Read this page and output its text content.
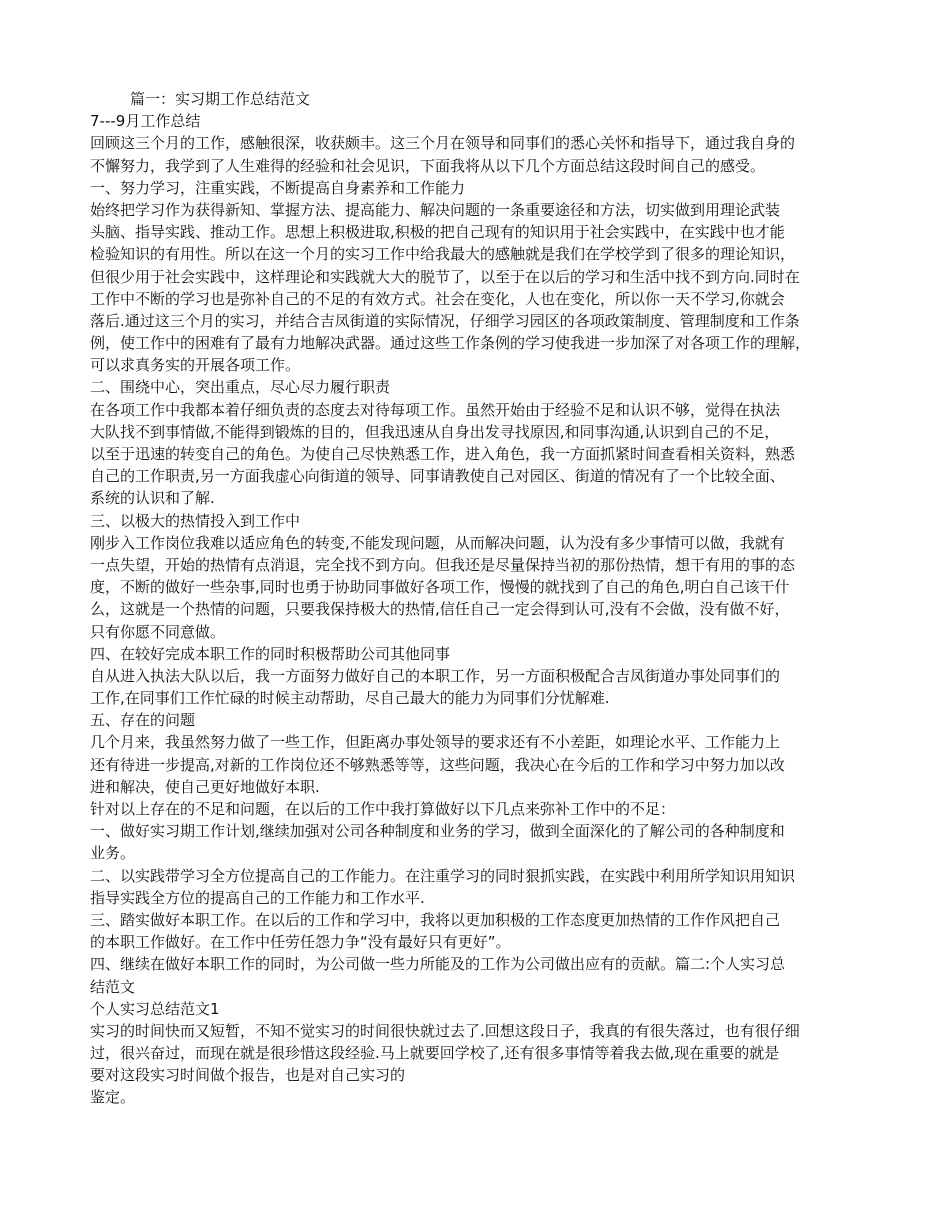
篇一：实习期工作总结范文
7---9月工作总结
回顾这三个月的工作，感触很深，收获颇丰。这三个月在领导和同事们的悉心关怀和指导下，通过我自身的
不懈努力，我学到了人生难得的经验和社会见识，下面我将从以下几个方面总结这段时间自己的感受。
一、努力学习，注重实践，不断提高自身素养和工作能力
始终把学习作为获得新知、掌握方法、提高能力、解决问题的一条重要途径和方法，切实做到用理论武装
头脑、指导实践、推动工作。思想上积极进取,积极的把自己现有的知识用于社会实践中，在实践中也才能
检验知识的有用性。所以在这一个月的实习工作中给我最大的感触就是我们在学校学到了很多的理论知识，
但很少用于社会实践中，这样理论和实践就大大的脱节了，以至于在以后的学习和生活中找不到方向.同时在
工作中不断的学习也是弥补自己的不足的有效方式。社会在变化，人也在变化，所以你一天不学习,你就会
落后.通过这三个月的实习，并结合吉凤街道的实际情况，仔细学习园区的各项政策制度、管理制度和工作条
例，使工作中的困难有了最有力地解决武器。通过这些工作条例的学习使我进一步加深了对各项工作的理解，
可以求真务实的开展各项工作。
二、围绕中心，突出重点，尽心尽力履行职责
在各项工作中我都本着仔细负责的态度去对待每项工作。虽然开始由于经验不足和认识不够，觉得在执法
大队找不到事情做,不能得到锻炼的目的，但我迅速从自身出发寻找原因,和同事沟通,认识到自己的不足，
以至于迅速的转变自己的角色。为使自己尽快熟悉工作，进入角色，我一方面抓紧时间查看相关资料，熟悉
自己的工作职责,另一方面我虚心向街道的领导、同事请教使自己对园区、街道的情况有了一个比较全面、
系统的认识和了解.
三、以极大的热情投入到工作中
刚步入工作岗位我难以适应角色的转变,不能发现问题，从而解决问题，认为没有多少事情可以做，我就有
一点失望，开始的热情有点消退，完全找不到方向。但我还是尽量保持当初的那份热情，想干有用的事的态
度，不断的做好一些杂事,同时也勇于协助同事做好各项工作，慢慢的就找到了自己的角色,明白自己该干什
么，这就是一个热情的问题，只要我保持极大的热情,信任自己一定会得到认可,没有不会做，没有做不好，
只有你愿不同意做。
四、在较好完成本职工作的同时积极帮助公司其他同事
自从进入执法大队以后，我一方面努力做好自己的本职工作，另一方面积极配合吉凤街道办事处同事们的
工作,在同事们工作忙碌的时候主动帮助，尽自己最大的能力为同事们分忧解难.
五、存在的问题
几个月来，我虽然努力做了一些工作，但距离办事处领导的要求还有不小差距，如理论水平、工作能力上
还有待进一步提高,对新的工作岗位还不够熟悉等等，这些问题，我决心在今后的工作和学习中努力加以改
进和解决，使自己更好地做好本职.
针对以上存在的不足和问题，在以后的工作中我打算做好以下几点来弥补工作中的不足：
一、做好实习期工作计划,继续加强对公司各种制度和业务的学习，做到全面深化的了解公司的各种制度和
业务。
二、以实践带学习全方位提高自己的工作能力。在注重学习的同时狠抓实践，在实践中利用所学知识用知识
指导实践全方位的提高自己的工作能力和工作水平.
三、踏实做好本职工作。在以后的工作和学习中，我将以更加积极的工作态度更加热情的工作作风把自己
的本职工作做好。在工作中任劳任怨力争“没有最好只有更好”。
四、继续在做好本职工作的同时，为公司做一些力所能及的工作为公司做出应有的贡献。篇二:个人实习总
结范文
个人实习总结范文1
实习的时间快而又短暂，不知不觉实习的时间很快就过去了.回想这段日子，我真的有很失落过，也有很仔细
过，很兴奋过，而现在就是很珍惜这段经验.马上就要回学校了,还有很多事情等着我去做,现在重要的就是
要对这段实习时间做个报告，也是对自己实习的
鉴定。
